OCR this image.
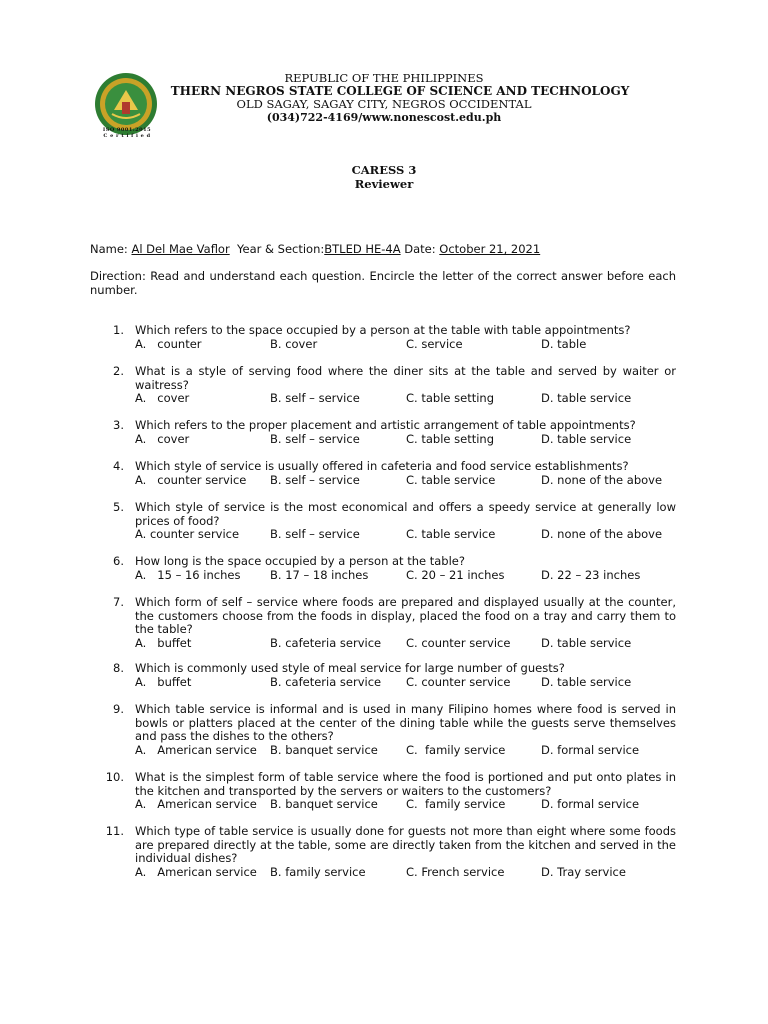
ISO 9001:2015
C e r t i f i e d
REPUBLIC OF THE PHILIPPINES
THERN NEGROS STATE COLLEGE OF SCIENCE AND TECHNOLOGY
OLD SAGAY, SAGAY CITY, NEGROS OCCIDENTAL
(034)722-4169/www.nonescost.edu.ph
CARESS 3
Reviewer
Name: Al Del Mae Vaflor  Year & Section:BTLED HE-4A Date: October 21, 2021
Direction: Read and understand each question. Encircle the letter of the correct answer before each number.
1. Which refers to the space occupied by a person at the table with table appointments?
A.   counter	B. cover	C. service	D. table
2. What is a style of serving food where the diner sits at the table and served by waiter or waitress?
A.   cover	B. self – service	C. table setting	D. table service
3. Which refers to the proper placement and artistic arrangement of table appointments?
A.   cover	B. self – service	C. table setting	D. table service
4. Which style of service is usually offered in cafeteria and food service establishments?
A.   counter service B. self – service	C. table service	D. none of the above
5. Which style of service is the most economical and offers a speedy service at generally low prices of food?
A. counter service	B. self – service	C. table service	D. none of the above
6. How long is the space occupied by a person at the table?
A.   15 – 16 inches	B. 17 – 18 inches	C. 20 – 21 inches	D. 22 – 23 inches
7. Which form of self – service where foods are prepared and displayed usually at the counter, the customers choose from the foods in display, placed the food on a tray and carry them to the table?
A.   buffet	B. cafeteria service C. counter service	D. table service
8. Which is commonly used style of meal service for large number of guests?
A.   buffet	B. cafeteria service C. counter service	D. table service
9. Which table service is informal and is used in many Filipino homes where food is served in bowls or platters placed at the center of the dining table while the guests serve themselves and pass the dishes to the others?
A.   American service B. banquet service C.  family service	D. formal service
10. What is the simplest form of table service where the food is portioned and put onto plates in the kitchen and transported by the servers or waiters to the customers?
A.   American service B. banquet service C.  family service	D. formal service
11. Which type of table service is usually done for guests not more than eight where some foods are prepared directly at the table, some are directly taken from the kitchen and served in the individual dishes?
A.   American service B. family service	C. French service	D. Tray service
